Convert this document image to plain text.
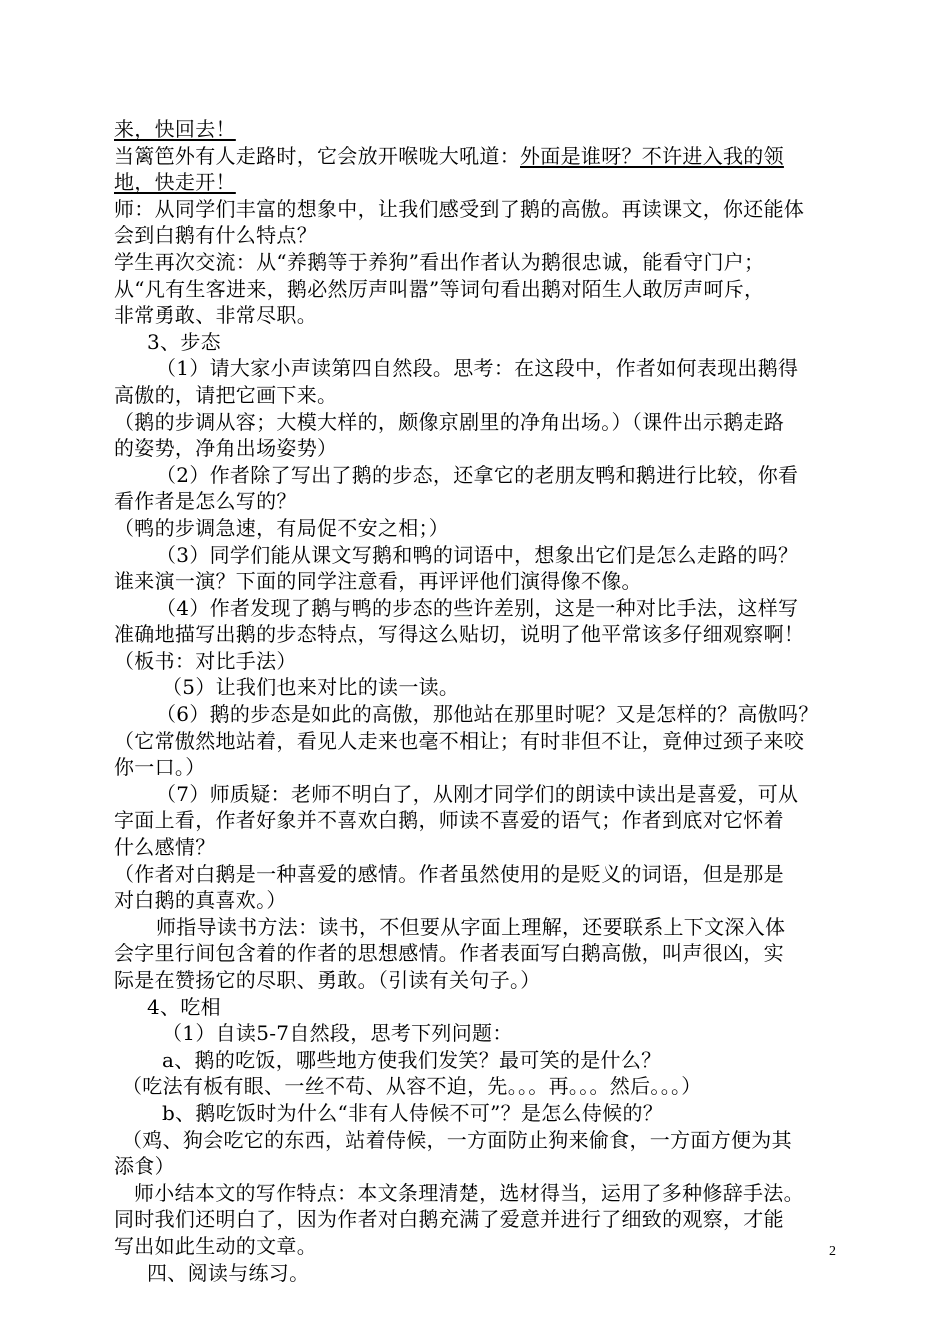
来，快回去！
当篱笆外有人走路时，它会放开喉咙大吼道：外面是谁呀？不许进入我的领
地，快走开！
师：从同学们丰富的想象中，让我们感受到了鹅的高傲。再读课文，你还能体
会到白鹅有什么特点？
学生再次交流：从“养鹅等于养狗”看出作者认为鹅很忠诚，能看守门户；
从“凡有生客进来，鹅必然厉声叫嚣”等词句看出鹅对陌生人敢厉声呵斥，
非常勇敢、非常尽职。
3、步态
（1）请大家小声读第四自然段。思考：在这段中，作者如何表现出鹅得
高傲的，请把它画下来。
（鹅的步调从容；大模大样的，颇像京剧里的净角出场。）（课件出示鹅走路
的姿势，净角出场姿势）
（2）作者除了写出了鹅的步态，还拿它的老朋友鸭和鹅进行比较，你看
看作者是怎么写的？
（鸭的步调急速，有局促不安之相；）
（3）同学们能从课文写鹅和鸭的词语中，想象出它们是怎么走路的吗？
谁来演一演？下面的同学注意看，再评评他们演得像不像。
（4）作者发现了鹅与鸭的步态的些许差别，这是一种对比手法，这样写
准确地描写出鹅的步态特点，写得这么贴切，说明了他平常该多仔细观察啊！
（板书：对比手法）
（5）让我们也来对比的读一读。
（6）鹅的步态是如此的高傲，那他站在那里时呢？又是怎样的？高傲吗？
（它常傲然地站着，看见人走来也毫不相让；有时非但不让，竟伸过颈子来咬
你一口。）
（7）师质疑：老师不明白了，从刚才同学们的朗读中读出是喜爱，可从
字面上看，作者好象并不喜欢白鹅，师读不喜爱的语气；作者到底对它怀着
什么感情？
（作者对白鹅是一种喜爱的感情。作者虽然使用的是贬义的词语，但是那是
对白鹅的真喜欢。）
师指导读书方法：读书，不但要从字面上理解，还要联系上下文深入体
会字里行间包含着的作者的思想感情。作者表面写白鹅高傲，叫声很凶，实
际是在赞扬它的尽职、勇敢。（引读有关句子。）
4、吃相
（1）自读5-7自然段，思考下列问题：
a、鹅的吃饭，哪些地方使我们发笑？最可笑的是什么？
（吃法有板有眼、一丝不苟、从容不迫，先。。。再。。。然后。。。）
b、鹅吃饭时为什么“非有人侍候不可”？是怎么侍候的？
（鸡、狗会吃它的东西，站着侍候，一方面防止狗来偷食，一方面方便为其
添食）
师小结本文的写作特点：本文条理清楚，选材得当，运用了多种修辞手法。
同时我们还明白了，因为作者对白鹅充满了爱意并进行了细致的观察，才能
写出如此生动的文章。
四、阅读与练习。
2
